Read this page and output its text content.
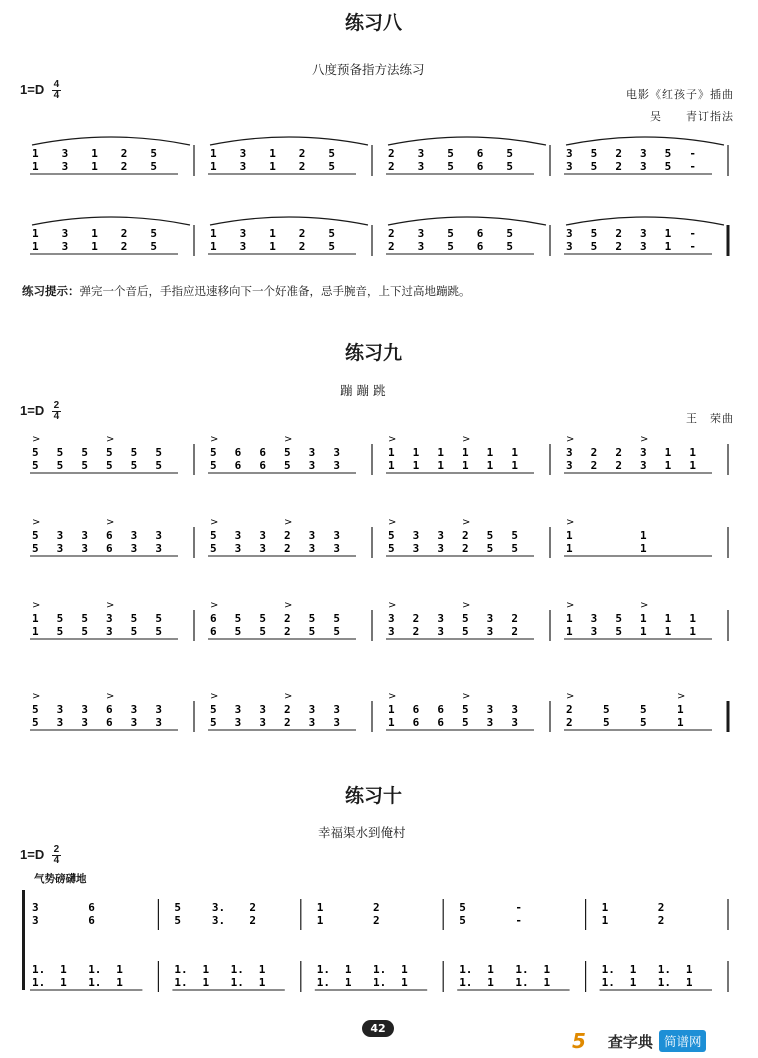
练习八
八度预备指方法练习
$1=D \frac{4}{4}$	电影《红孩子》插曲
吴　　青订指法
1
1
3
3
1
1
2
2
5
5
1
1
3
3
1
1
2
2
5
5
2
2
3
3
5
5
6
6
5
5
3
3
5
5
2
2
3
3
5
5
-
-
1
1
3
3
1
1
2
2
5
5
1
1
3
3
1
1
2
2
5
5
2
2
3
3
5
5
6
6
5
5
3
3
5
5
2
2
3
3
1
1
-
-
练习提示：弹完一个音后，手指应迅速移向下一个好准备，忌手腕音，上下过高地蹦跳。
练习九
蹦 蹦 跳
$1=D \frac{2}{4}$	王　荣曲
5
5
>
5
5
5
5
5
5
>
5
5
5
5
5
5
>
6
6
6
6
5
5
>
3
3
3
3
1
1
>
1
1
1
1
1
1
>
1
1
1
1
3
3
>
2
2
2
2
3
3
>
1
1
1
1
5
5
>
3
3
3
3
6
6
>
3
3
3
3
5
5
>
3
3
3
3
2
2
>
3
3
3
3
5
5
>
3
3
3
3
2
2
>
5
5
5
5
1
1
>
1
1
1
1
>
5
5
5
5
3
3
>
5
5
5
5
6
6
>
5
5
5
5
2
2
>
5
5
5
5
3
3
>
2
2
3
3
5
5
>
3
3
2
2
1
1
>
3
3
5
5
1
1
>
1
1
1
1
5
5
>
3
3
3
3
6
6
>
3
3
3
3
5
5
>
3
3
3
3
2
2
>
3
3
3
3
1
1
>
6
6
6
6
5
5
>
3
3
3
3
2
2
>
5
5
5
5
1
1
>
练习十
幸福渠水到俺村
$1=D \frac{2}{4}$
气势磅礴地
3
3
6
6
5
5
3.
3.
2
2
1
1
2
2
5
5
-
-
1
1
2
2
1.
1.
1
1
1.
1.
1
1
1.
1.
1
1
1.
1.
1
1
1.
1.
1
1
1.
1.
1
1
1.
1.
1
1
1.
1.
1
1
1.
1.
1
1
1.
1.
1
1
42
5 查字典 简谱网
